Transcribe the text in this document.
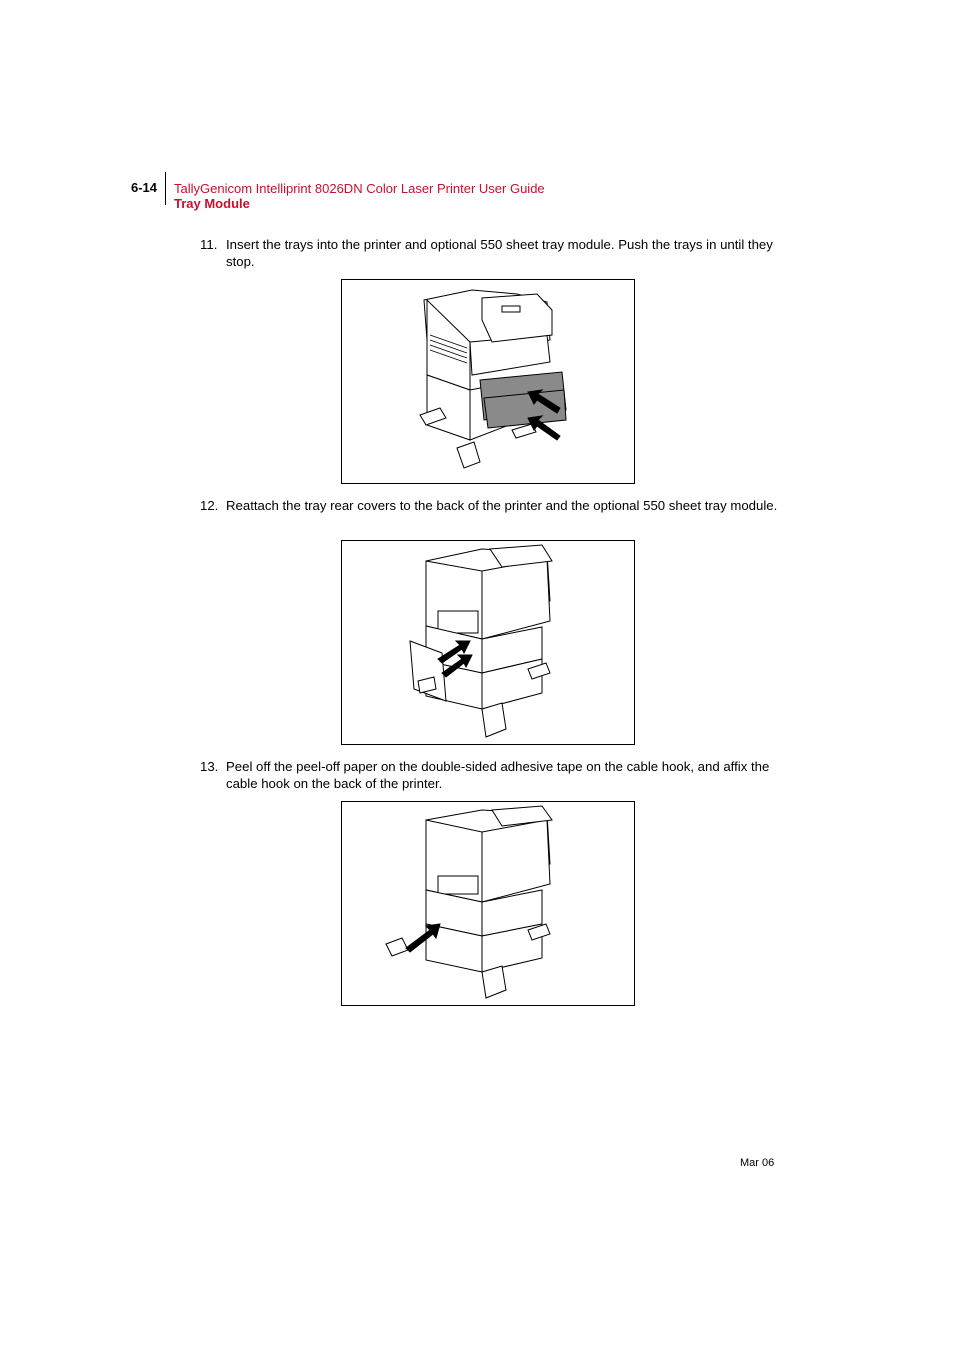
6-14 TallyGenicom Intelliprint 8026DN Color Laser Printer User Guide
Tray Module
11. Insert the trays into the printer and optional 550 sheet tray module. Push the trays in until they stop.
12. Reattach the tray rear covers to the back of the printer and the optional 550 sheet tray module.
13. Peel off the peel-off paper on the double-sided adhesive tape on the cable hook, and affix the cable hook on the back of the printer.
Mar 06
